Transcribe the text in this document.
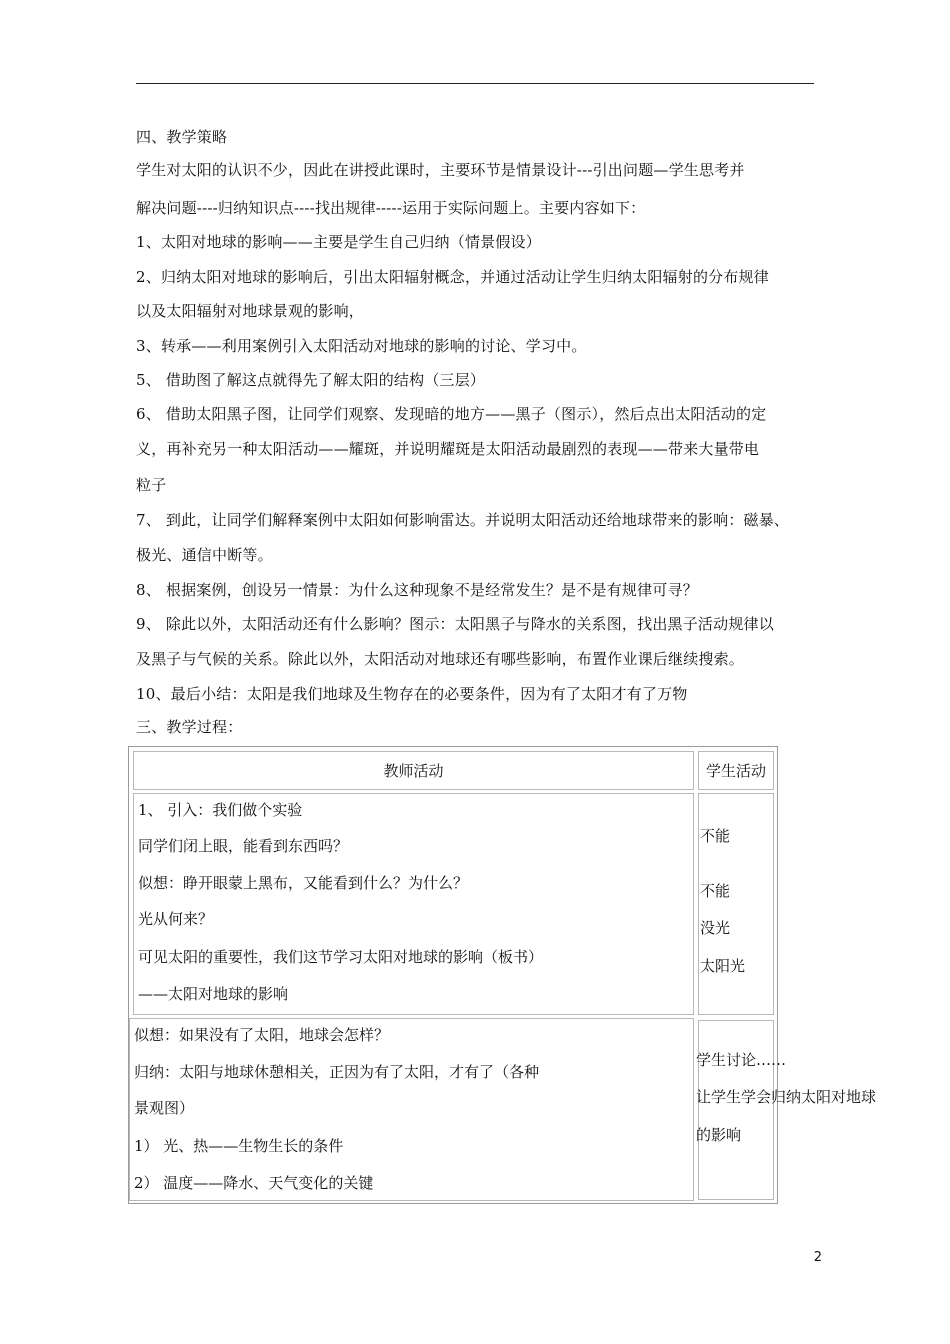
四、教学策略
学生对太阳的认识不少，因此在讲授此课时，主要环节是情景设计---引出问题—学生思考并
解决问题----归纳知识点----找出规律-----运用于实际问题上。主要内容如下：
1、太阳对地球的影响——主要是学生自己归纳（情景假设）
2、归纳太阳对地球的影响后，引出太阳辐射概念，并通过活动让学生归纳太阳辐射的分布规律
以及太阳辐射对地球景观的影响，
3、转承——利用案例引入太阳活动对地球的影响的讨论、学习中。
5、 借助图了解这点就得先了解太阳的结构（三层）
6、 借助太阳黑子图，让同学们观察、发现暗的地方——黑子（图示），然后点出太阳活动的定
义，再补充另一种太阳活动——耀斑，并说明耀斑是太阳活动最剧烈的表现——带来大量带电
粒子
7、 到此，让同学们解释案例中太阳如何影响雷达。并说明太阳活动还给地球带来的影响：磁暴、
极光、通信中断等。
8、 根据案例，创设另一情景：为什么这种现象不是经常发生？是不是有规律可寻？
9、 除此以外，太阳活动还有什么影响？图示：太阳黑子与降水的关系图，找出黑子活动规律以
及黑子与气候的关系。除此以外，太阳活动对地球还有哪些影响，布置作业课后继续搜索。
10、最后小结：太阳是我们地球及生物存在的必要条件，因为有了太阳才有了万物
三、教学过程：
教师活动	学生活动
1、 引入：我们做个实验
同学们闭上眼，能看到东西吗？
似想：睁开眼蒙上黑布，又能看到什么？为什么？
光从何来？
可见太阳的重要性，我们这节学习太阳对地球的影响（板书）
——太阳对地球的影响
不能
不能
没光
太阳光
似想：如果没有了太阳，地球会怎样？
归纳：太阳与地球休憩相关，正因为有了太阳，才有了（各种
景观图）
1） 光、热——生物生长的条件
2） 温度——降水、天气变化的关键
学生讨论……
让学生学会归纳太阳对地球
的影响
2
